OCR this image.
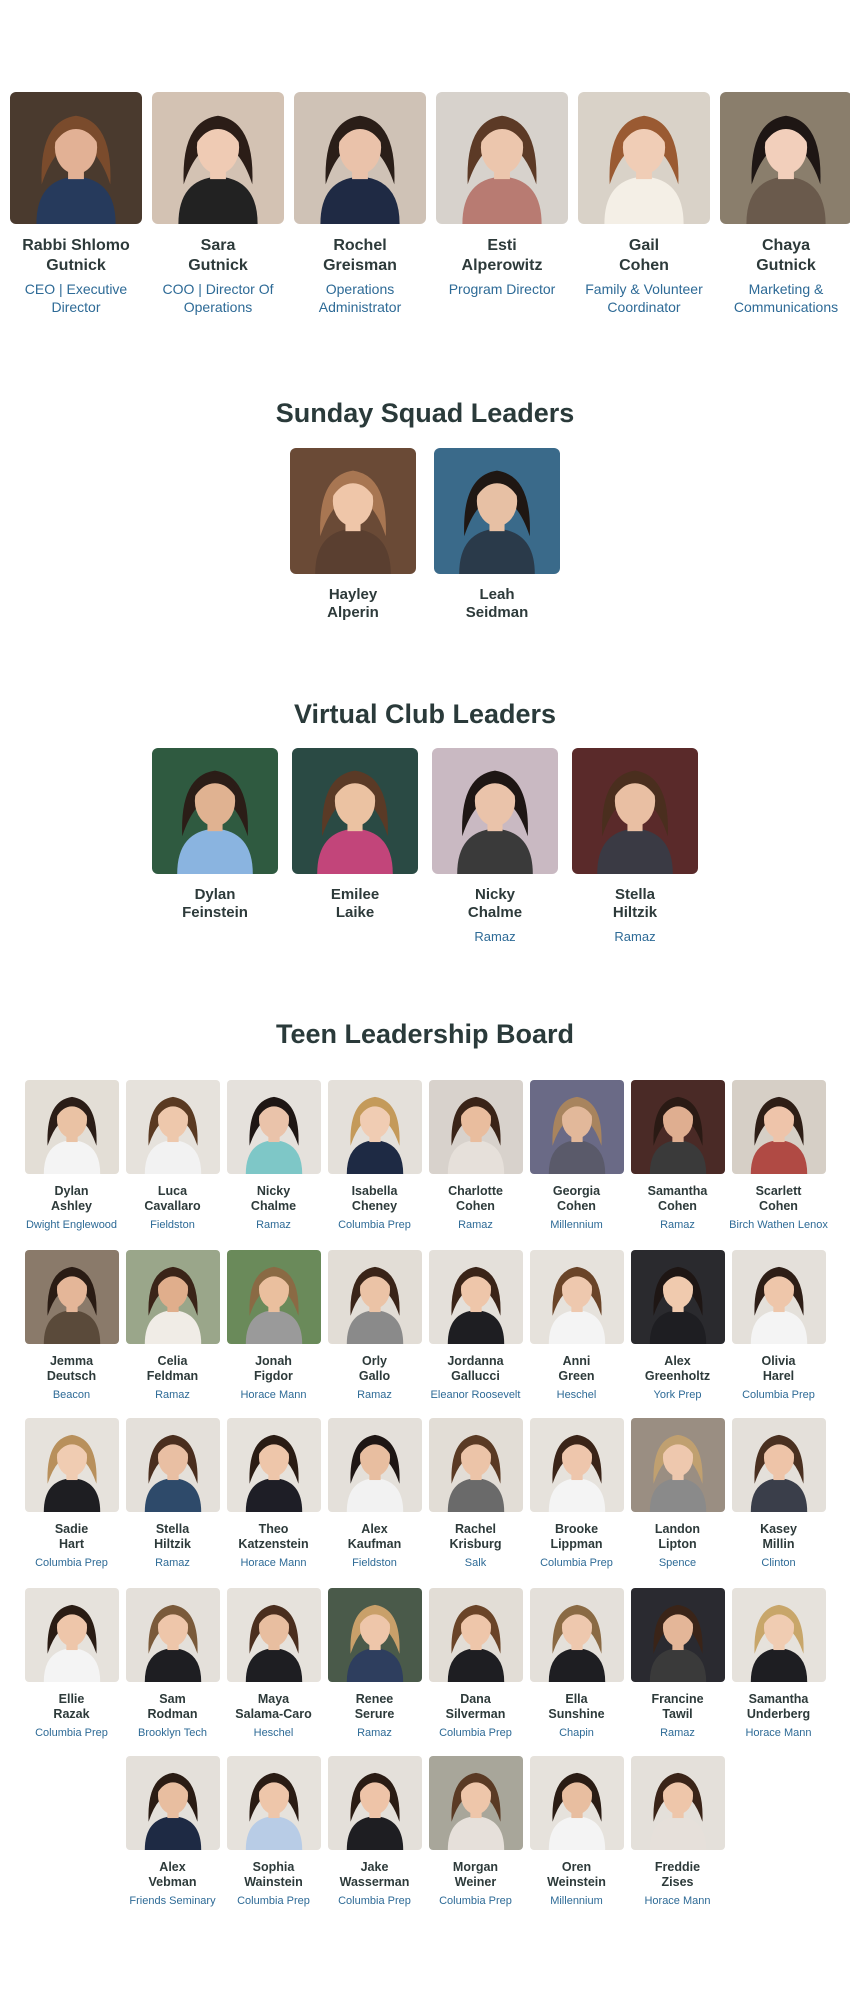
Rabbi Shlomo
Gutnick
CEO | Executive Director
Sara
Gutnick
COO | Director Of Operations
Rochel
Greisman
Operations Administrator
Esti
Alperowitz
Program Director
Gail
Cohen
Family & Volunteer Coordinator
Chaya
Gutnick
Marketing & Communications
Sunday Squad Leaders
Hayley
Alperin
Leah
Seidman
Virtual Club Leaders
Dylan
Feinstein
Emilee
Laike
Nicky
Chalme
Ramaz
Stella
Hiltzik
Ramaz
Teen Leadership Board
Dylan
Ashley
Dwight Englewood
Luca
Cavallaro
Fieldston
Nicky
Chalme
Ramaz
Isabella
Cheney
Columbia Prep
Charlotte
Cohen
Ramaz
Georgia
Cohen
Millennium
Samantha
Cohen
Ramaz
Scarlett
Cohen
Birch Wathen Lenox
Jemma
Deutsch
Beacon
Celia
Feldman
Ramaz
Jonah
Figdor
Horace Mann
Orly
Gallo
Ramaz
Jordanna
Gallucci
Eleanor Roosevelt
Anni
Green
Heschel
Alex
Greenholtz
York Prep
Olivia
Harel
Columbia Prep
Sadie
Hart
Columbia Prep
Stella
Hiltzik
Ramaz
Theo
Katzenstein
Horace Mann
Alex
Kaufman
Fieldston
Rachel
Krisburg
Salk
Brooke
Lippman
Columbia Prep
Landon
Lipton
Spence
Kasey
Millin
Clinton
Ellie
Razak
Columbia Prep
Sam
Rodman
Brooklyn Tech
Maya
Salama-Caro
Heschel
Renee
Serure
Ramaz
Dana
Silverman
Columbia Prep
Ella
Sunshine
Chapin
Francine
Tawil
Ramaz
Samantha
Underberg
Horace Mann
Alex
Vebman
Friends Seminary
Sophia
Wainstein
Columbia Prep
Jake
Wasserman
Columbia Prep
Morgan
Weiner
Columbia Prep
Oren
Weinstein
Millennium
Freddie
Zises
Horace Mann
